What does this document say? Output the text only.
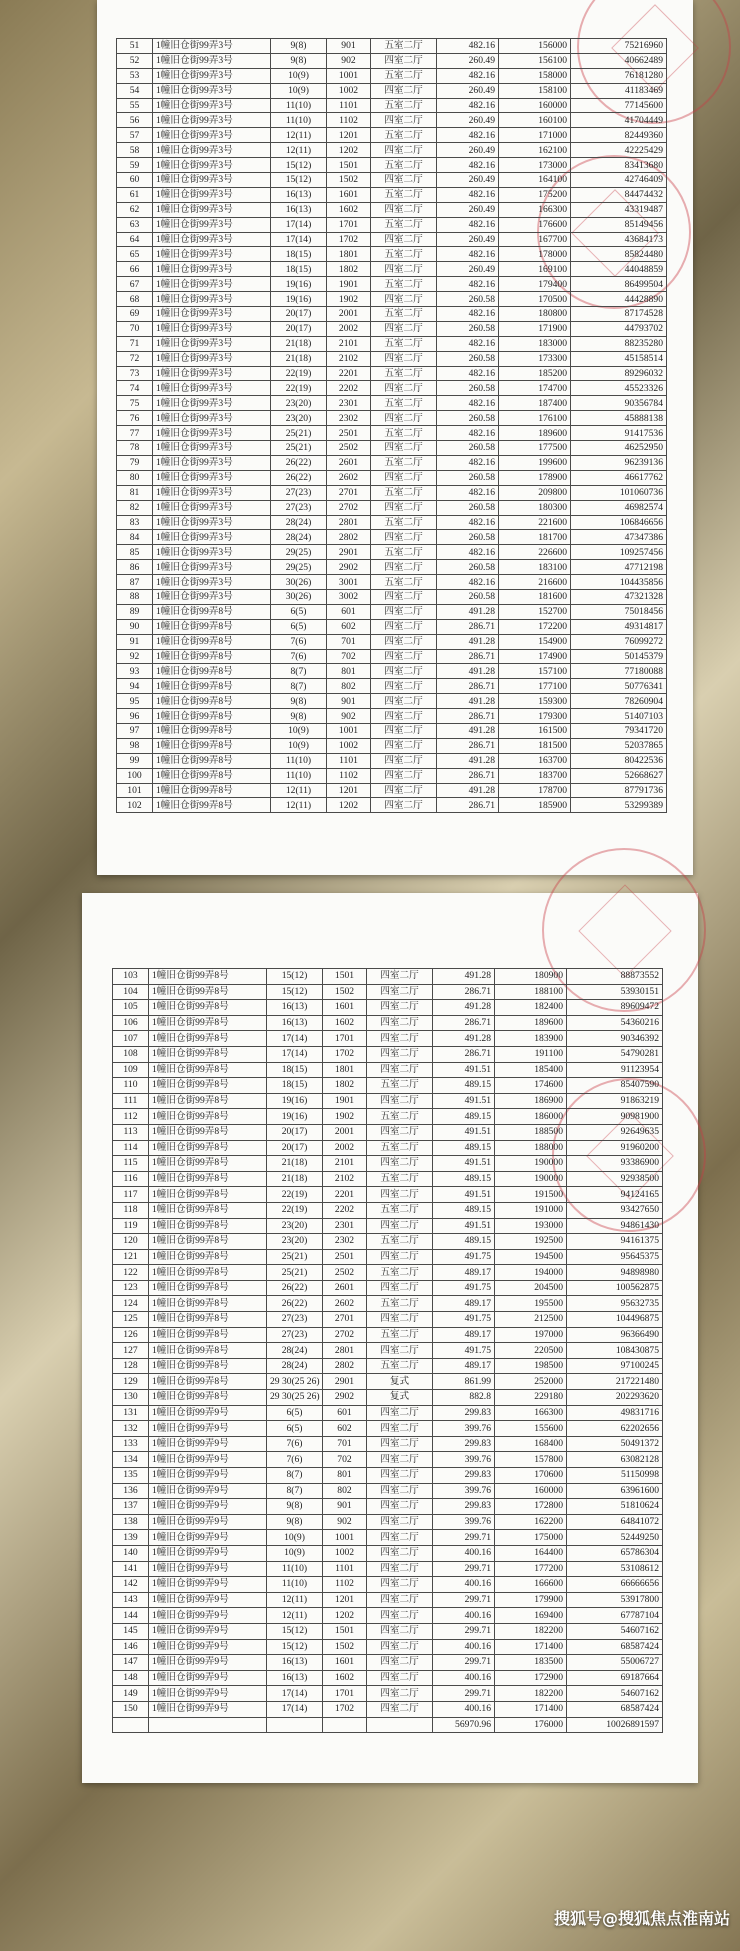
51	1幢旧仓街99弄3号	9(8)	901	五室二厅	482.16	156000	75216960
52	1幢旧仓街99弄3号	9(8)	902	四室二厅	260.49	156100	40662489
53	1幢旧仓街99弄3号	10(9)	1001	五室二厅	482.16	158000	76181280
54	1幢旧仓街99弄3号	10(9)	1002	四室二厅	260.49	158100	41183469
55	1幢旧仓街99弄3号	11(10)	1101	五室二厅	482.16	160000	77145600
56	1幢旧仓街99弄3号	11(10)	1102	四室二厅	260.49	160100	41704449
57	1幢旧仓街99弄3号	12(11)	1201	五室二厅	482.16	171000	82449360
58	1幢旧仓街99弄3号	12(11)	1202	四室二厅	260.49	162100	42225429
59	1幢旧仓街99弄3号	15(12)	1501	五室二厅	482.16	173000	83413680
60	1幢旧仓街99弄3号	15(12)	1502	四室二厅	260.49	164100	42746409
61	1幢旧仓街99弄3号	16(13)	1601	五室二厅	482.16	175200	84474432
62	1幢旧仓街99弄3号	16(13)	1602	四室二厅	260.49	166300	43319487
63	1幢旧仓街99弄3号	17(14)	1701	五室二厅	482.16	176600	85149456
64	1幢旧仓街99弄3号	17(14)	1702	四室二厅	260.49	167700	43684173
65	1幢旧仓街99弄3号	18(15)	1801	五室二厅	482.16	178000	85824480
66	1幢旧仓街99弄3号	18(15)	1802	四室二厅	260.49	169100	44048859
67	1幢旧仓街99弄3号	19(16)	1901	五室二厅	482.16	179400	86499504
68	1幢旧仓街99弄3号	19(16)	1902	四室二厅	260.58	170500	44428890
69	1幢旧仓街99弄3号	20(17)	2001	五室二厅	482.16	180800	87174528
70	1幢旧仓街99弄3号	20(17)	2002	四室二厅	260.58	171900	44793702
71	1幢旧仓街99弄3号	21(18)	2101	五室二厅	482.16	183000	88235280
72	1幢旧仓街99弄3号	21(18)	2102	四室二厅	260.58	173300	45158514
73	1幢旧仓街99弄3号	22(19)	2201	五室二厅	482.16	185200	89296032
74	1幢旧仓街99弄3号	22(19)	2202	四室二厅	260.58	174700	45523326
75	1幢旧仓街99弄3号	23(20)	2301	五室二厅	482.16	187400	90356784
76	1幢旧仓街99弄3号	23(20)	2302	四室二厅	260.58	176100	45888138
77	1幢旧仓街99弄3号	25(21)	2501	五室二厅	482.16	189600	91417536
78	1幢旧仓街99弄3号	25(21)	2502	四室二厅	260.58	177500	46252950
79	1幢旧仓街99弄3号	26(22)	2601	五室二厅	482.16	199600	96239136
80	1幢旧仓街99弄3号	26(22)	2602	四室二厅	260.58	178900	46617762
81	1幢旧仓街99弄3号	27(23)	2701	五室二厅	482.16	209800	101060736
82	1幢旧仓街99弄3号	27(23)	2702	四室二厅	260.58	180300	46982574
83	1幢旧仓街99弄3号	28(24)	2801	五室二厅	482.16	221600	106846656
84	1幢旧仓街99弄3号	28(24)	2802	四室二厅	260.58	181700	47347386
85	1幢旧仓街99弄3号	29(25)	2901	五室二厅	482.16	226600	109257456
86	1幢旧仓街99弄3号	29(25)	2902	四室二厅	260.58	183100	47712198
87	1幢旧仓街99弄3号	30(26)	3001	五室二厅	482.16	216600	104435856
88	1幢旧仓街99弄3号	30(26)	3002	四室二厅	260.58	181600	47321328
89	1幢旧仓街99弄8号	6(5)	601	四室二厅	491.28	152700	75018456
90	1幢旧仓街99弄8号	6(5)	602	四室二厅	286.71	172200	49314817
91	1幢旧仓街99弄8号	7(6)	701	四室二厅	491.28	154900	76099272
92	1幢旧仓街99弄8号	7(6)	702	四室二厅	286.71	174900	50145379
93	1幢旧仓街99弄8号	8(7)	801	四室二厅	491.28	157100	77180088
94	1幢旧仓街99弄8号	8(7)	802	四室二厅	286.71	177100	50776341
95	1幢旧仓街99弄8号	9(8)	901	四室二厅	491.28	159300	78260904
96	1幢旧仓街99弄8号	9(8)	902	四室二厅	286.71	179300	51407103
97	1幢旧仓街99弄8号	10(9)	1001	四室二厅	491.28	161500	79341720
98	1幢旧仓街99弄8号	10(9)	1002	四室二厅	286.71	181500	52037865
99	1幢旧仓街99弄8号	11(10)	1101	四室二厅	491.28	163700	80422536
100	1幢旧仓街99弄8号	11(10)	1102	四室二厅	286.71	183700	52668627
101	1幢旧仓街99弄8号	12(11)	1201	四室二厅	491.28	178700	87791736
102	1幢旧仓街99弄8号	12(11)	1202	四室二厅	286.71	185900	53299389
103	1幢旧仓街99弄8号	15(12)	1501	四室二厅	491.28	180900	88873552
104	1幢旧仓街99弄8号	15(12)	1502	四室二厅	286.71	188100	53930151
105	1幢旧仓街99弄8号	16(13)	1601	四室二厅	491.28	182400	89609472
106	1幢旧仓街99弄8号	16(13)	1602	四室二厅	286.71	189600	54360216
107	1幢旧仓街99弄8号	17(14)	1701	四室二厅	491.28	183900	90346392
108	1幢旧仓街99弄8号	17(14)	1702	四室二厅	286.71	191100	54790281
109	1幢旧仓街99弄8号	18(15)	1801	四室二厅	491.51	185400	91123954
110	1幢旧仓街99弄8号	18(15)	1802	五室二厅	489.15	174600	85407590
111	1幢旧仓街99弄8号	19(16)	1901	四室二厅	491.51	186900	91863219
112	1幢旧仓街99弄8号	19(16)	1902	五室二厅	489.15	186000	90981900
113	1幢旧仓街99弄8号	20(17)	2001	四室二厅	491.51	188500	92649635
114	1幢旧仓街99弄8号	20(17)	2002	五室二厅	489.15	188000	91960200
115	1幢旧仓街99弄8号	21(18)	2101	四室二厅	491.51	190000	93386900
116	1幢旧仓街99弄8号	21(18)	2102	五室二厅	489.15	190000	92938500
117	1幢旧仓街99弄8号	22(19)	2201	四室二厅	491.51	191500	94124165
118	1幢旧仓街99弄8号	22(19)	2202	五室二厅	489.15	191000	93427650
119	1幢旧仓街99弄8号	23(20)	2301	四室二厅	491.51	193000	94861430
120	1幢旧仓街99弄8号	23(20)	2302	五室二厅	489.15	192500	94161375
121	1幢旧仓街99弄8号	25(21)	2501	四室二厅	491.75	194500	95645375
122	1幢旧仓街99弄8号	25(21)	2502	五室二厅	489.17	194000	94898980
123	1幢旧仓街99弄8号	26(22)	2601	四室二厅	491.75	204500	100562875
124	1幢旧仓街99弄8号	26(22)	2602	五室二厅	489.17	195500	95632735
125	1幢旧仓街99弄8号	27(23)	2701	四室二厅	491.75	212500	104496875
126	1幢旧仓街99弄8号	27(23)	2702	五室二厅	489.17	197000	96366490
127	1幢旧仓街99弄8号	28(24)	2801	四室二厅	491.75	220500	108430875
128	1幢旧仓街99弄8号	28(24)	2802	五室二厅	489.17	198500	97100245
129	1幢旧仓街99弄8号	29 30(25 26)	2901	复式	861.99	252000	217221480
130	1幢旧仓街99弄8号	29 30(25 26)	2902	复式	882.8	229180	202293620
131	1幢旧仓街99弄9号	6(5)	601	四室二厅	299.83	166300	49831716
132	1幢旧仓街99弄9号	6(5)	602	四室二厅	399.76	155600	62202656
133	1幢旧仓街99弄9号	7(6)	701	四室二厅	299.83	168400	50491372
134	1幢旧仓街99弄9号	7(6)	702	四室二厅	399.76	157800	63082128
135	1幢旧仓街99弄9号	8(7)	801	四室二厅	299.83	170600	51150998
136	1幢旧仓街99弄9号	8(7)	802	四室二厅	399.76	160000	63961600
137	1幢旧仓街99弄9号	9(8)	901	四室二厅	299.83	172800	51810624
138	1幢旧仓街99弄9号	9(8)	902	四室二厅	399.76	162200	64841072
139	1幢旧仓街99弄9号	10(9)	1001	四室二厅	299.71	175000	52449250
140	1幢旧仓街99弄9号	10(9)	1002	四室二厅	400.16	164400	65786304
141	1幢旧仓街99弄9号	11(10)	1101	四室二厅	299.71	177200	53108612
142	1幢旧仓街99弄9号	11(10)	1102	四室二厅	400.16	166600	66666656
143	1幢旧仓街99弄9号	12(11)	1201	四室二厅	299.71	179900	53917800
144	1幢旧仓街99弄9号	12(11)	1202	四室二厅	400.16	169400	67787104
145	1幢旧仓街99弄9号	15(12)	1501	四室二厅	299.71	182200	54607162
146	1幢旧仓街99弄9号	15(12)	1502	四室二厅	400.16	171400	68587424
147	1幢旧仓街99弄9号	16(13)	1601	四室二厅	299.71	183500	55006727
148	1幢旧仓街99弄9号	16(13)	1602	四室二厅	400.16	172900	69187664
149	1幢旧仓街99弄9号	17(14)	1701	四室二厅	299.71	182200	54607162
150	1幢旧仓街99弄9号	17(14)	1702	四室二厅	400.16	171400	68587424
					56970.96	176000	10026891597
搜狐号@搜狐焦点淮南站
